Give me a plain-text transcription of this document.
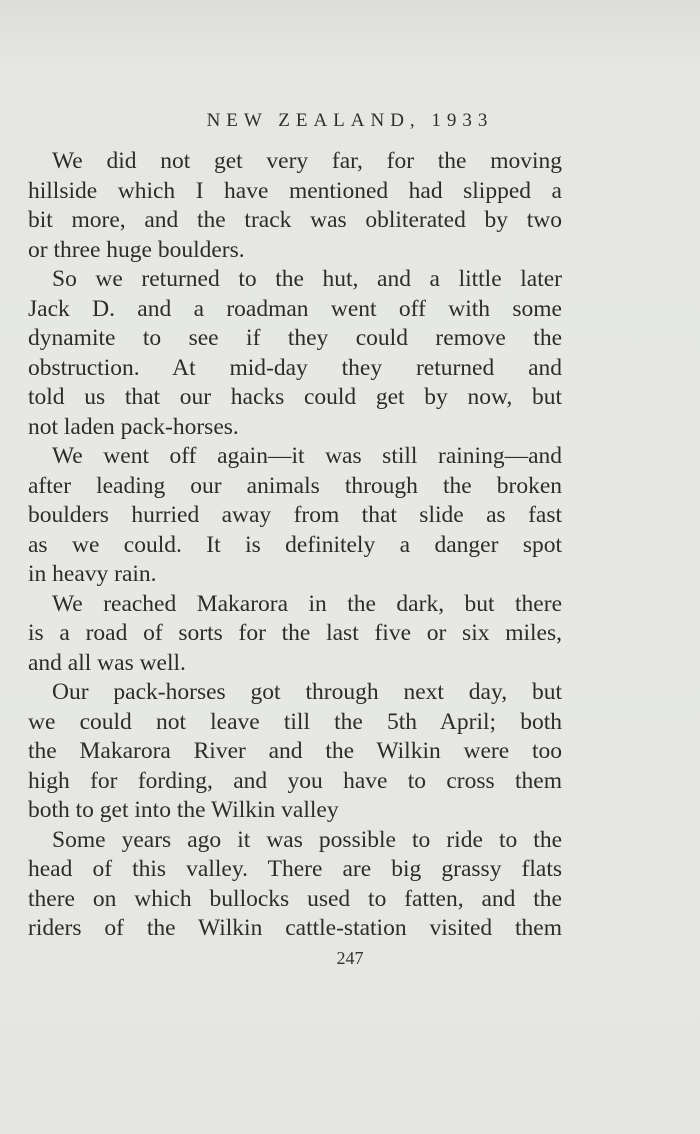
NEW ZEALAND, 1933
We did not get very far, for the moving
hillside which I have mentioned had slipped a
bit more, and the track was obliterated by two
or three huge boulders.
So we returned to the hut, and a little later
Jack D. and a roadman went off with some
dynamite to see if they could remove the
obstruction. At mid-day they returned and
told us that our hacks could get by now, but
not laden pack-horses.
We went off again—it was still raining—and
after leading our animals through the broken
boulders hurried away from that slide as fast
as we could. It is definitely a danger spot
in heavy rain.
We reached Makarora in the dark, but there
is a road of sorts for the last five or six miles,
and all was well.
Our pack-horses got through next day, but
we could not leave till the 5th April; both
the Makarora River and the Wilkin were too
high for fording, and you have to cross them
both to get into the Wilkin valley
Some years ago it was possible to ride to the
head of this valley. There are big grassy flats
there on which bullocks used to fatten, and the
riders of the Wilkin cattle-station visited them
247
